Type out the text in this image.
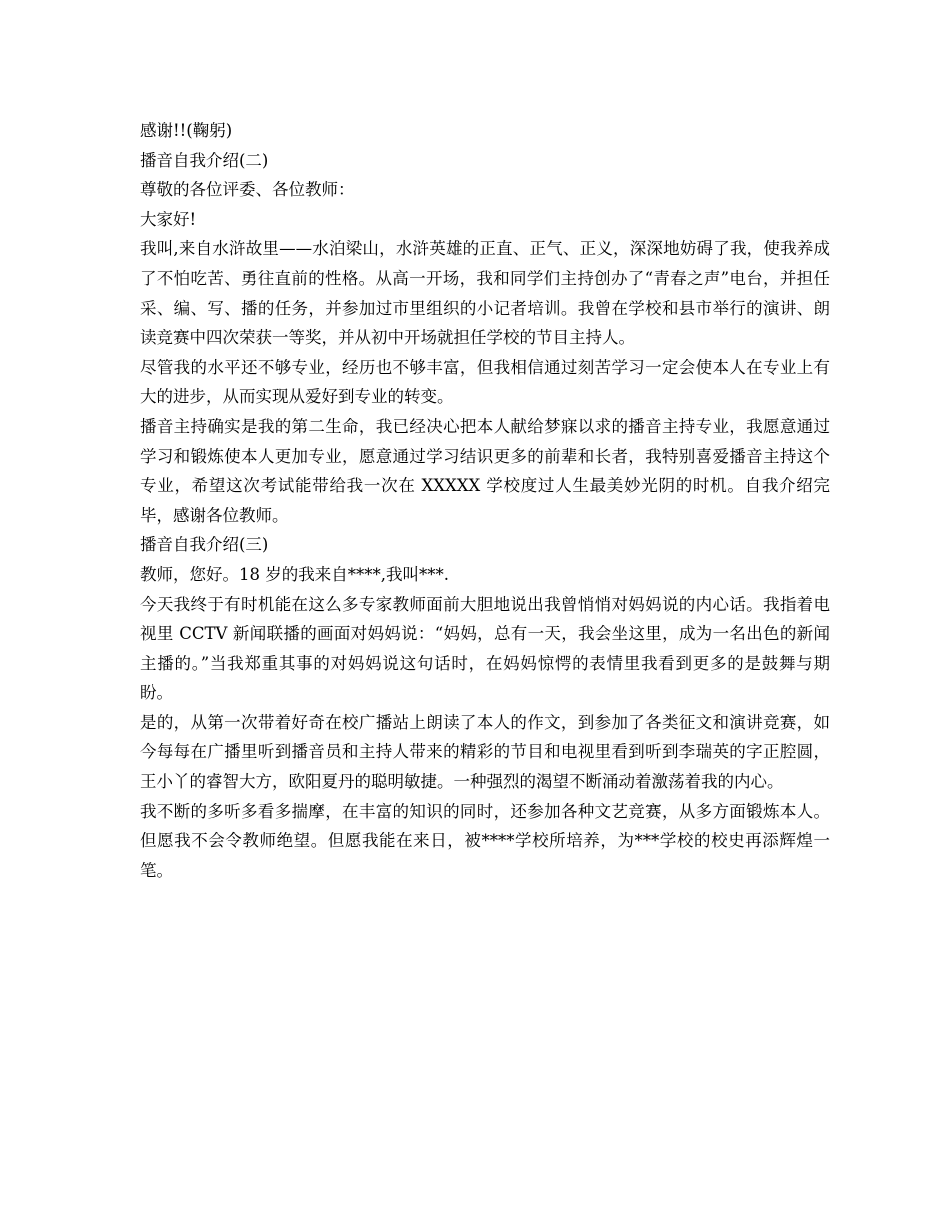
感谢!!(鞠躬)

播音自我介绍(二)

尊敬的各位评委、各位教师：

大家好!

我叫,来自水浒故里——水泊梁山，水浒英雄的正直、正气、正义，深深地妨碍了我，使我养成了不怕吃苦、勇往直前的性格。从高一开场，我和同学们主持创办了“青春之声”电台，并担任采、编、写、播的任务，并参加过市里组织的小记者培训。我曾在学校和县市举行的演讲、朗读竞赛中四次荣获一等奖，并从初中开场就担任学校的节目主持人。

尽管我的水平还不够专业，经历也不够丰富，但我相信通过刻苦学习一定会使本人在专业上有大的进步，从而实现从爱好到专业的转变。

播音主持确实是我的第二生命，我已经决心把本人献给梦寐以求的播音主持专业，我愿意通过学习和锻炼使本人更加专业，愿意通过学习结识更多的前辈和长者，我特别喜爱播音主持这个专业，希望这次考试能带给我一次在 XXXXX 学校度过人生最美妙光阴的时机。自我介绍完毕，感谢各位教师。

播音自我介绍(三)

教师，您好。18 岁的我来自****,我叫***.

今天我终于有时机能在这么多专家教师面前大胆地说出我曾悄悄对妈妈说的内心话。我指着电视里 CCTV 新闻联播的画面对妈妈说：“妈妈，总有一天，我会坐这里，成为一名出色的新闻主播的。”当我郑重其事的对妈妈说这句话时，在妈妈惊愕的表情里我看到更多的是鼓舞与期盼。

是的，从第一次带着好奇在校广播站上朗读了本人的作文，到参加了各类征文和演讲竞赛，如今每每在广播里听到播音员和主持人带来的精彩的节目和电视里看到听到李瑞英的字正腔圆，王小丫的睿智大方，欧阳夏丹的聪明敏捷。一种强烈的渴望不断涌动着激荡着我的内心。

我不断的多听多看多揣摩，在丰富的知识的同时，还参加各种文艺竞赛，从多方面锻炼本人。但愿我不会令教师绝望。但愿我能在来日，被****学校所培养，为***学校的校史再添辉煌一笔。
